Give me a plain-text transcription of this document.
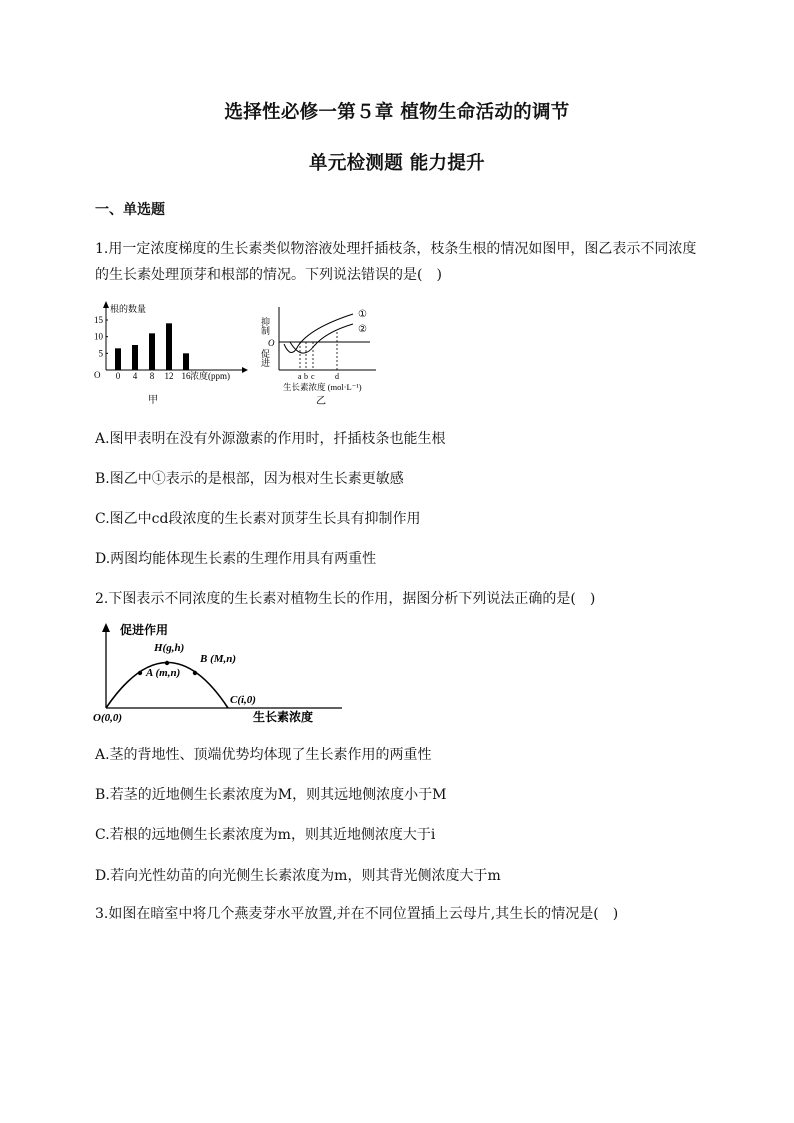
选择性必修一第５章 植物生命活动的调节
单元检测题 能力提升
一、单选题
1.用一定浓度梯度的生长素类似物溶液处理扦插枝条，枝条生根的情况如图甲，图乙表示不同浓度的生长素处理顶芽和根部的情况。下列说法错误的是(　)
15
10
5
0 4 8 12 16
根的数量
O	浓度(ppm)
甲
抑制
O
促进
①
②
a b c	d
生长素浓度 (mol·L⁻¹)
乙
A.图甲表明在没有外源激素的作用时，扦插枝条也能生根
B.图乙中①表示的是根部，因为根对生长素更敏感
C.图乙中cd段浓度的生长素对顶芽生长具有抑制作用
D.两图均能体现生长素的生理作用具有两重性
2.下图表示不同浓度的生长素对植物生长的作用，据图分析下列说法正确的是(　)
促进作用
H(g,h)
B (M,n)
A (m,n)
C(i,0)
O(0,0)	生长素浓度
A.茎的背地性、顶端优势均体现了生长素作用的两重性
B.若茎的近地侧生长素浓度为M，则其远地侧浓度小于M
C.若根的远地侧生长素浓度为m，则其近地侧浓度大于i
D.若向光性幼苗的向光侧生长素浓度为m，则其背光侧浓度大于m
3.如图在暗室中将几个燕麦芽水平放置,并在不同位置插上云母片,其生长的情况是(　)
